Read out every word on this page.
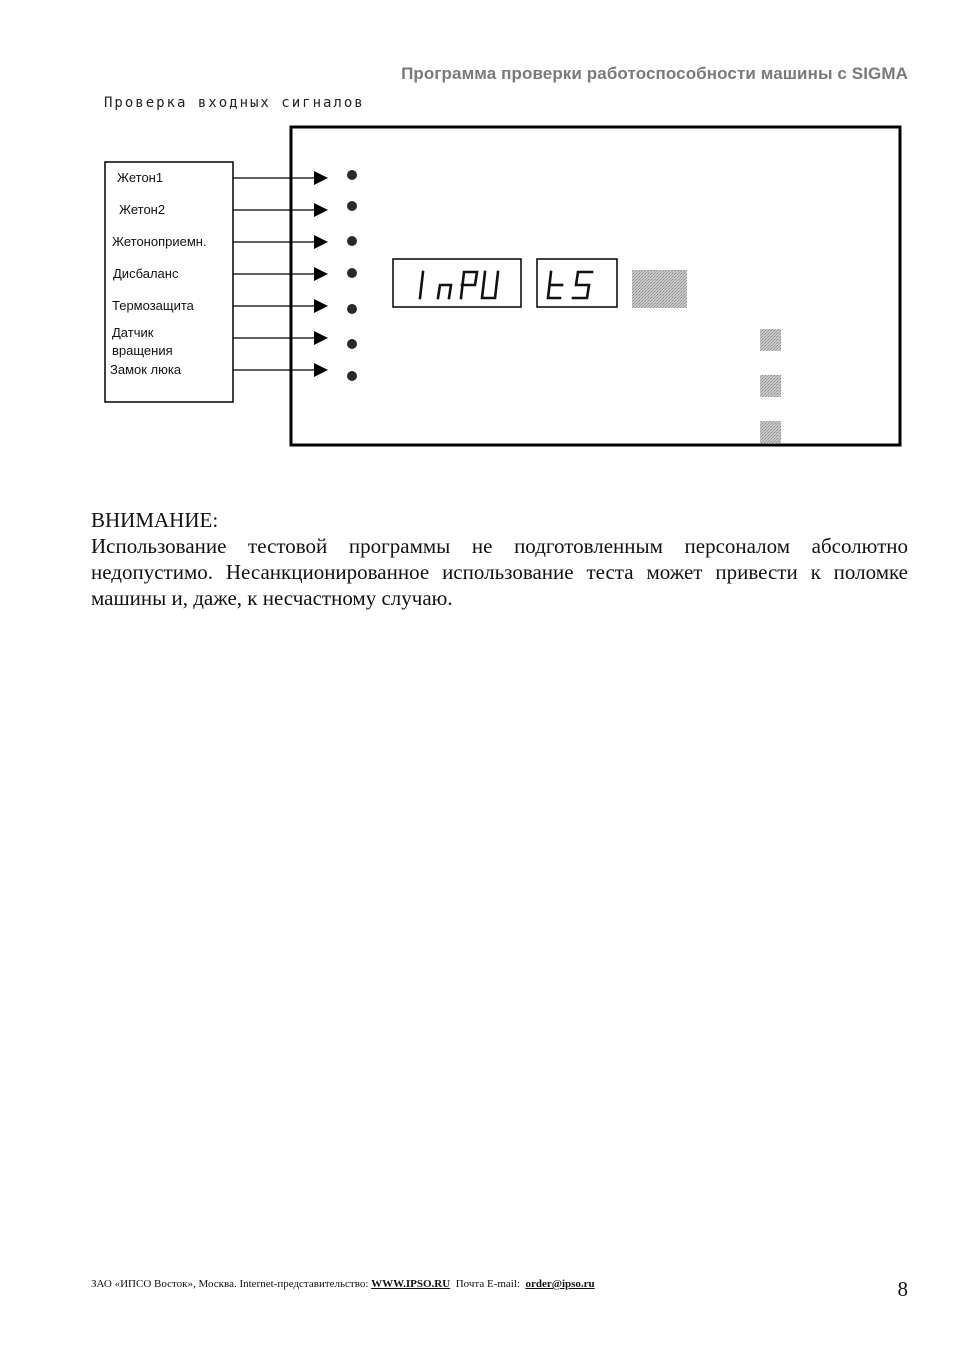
Программа проверки работоспособности машины с SIGMA
Проверка входных сигналов
Жетон1
Жетон2
Жетоноприемн.
Дисбаланс
Термозащита
Датчик вращения
Замок люка
ВНИМАНИЕ:
Использование тестовой программы не подготовленным персоналом абсолютно недопустимо. Несанкционированное использование теста может привести к поломке машины и, даже, к несчастному случаю.
ЗАО «ИПСО Восток», Москва. Internet-представительство: WWW.IPSO.RU Почта E-mail: order@ipso.ru	8
